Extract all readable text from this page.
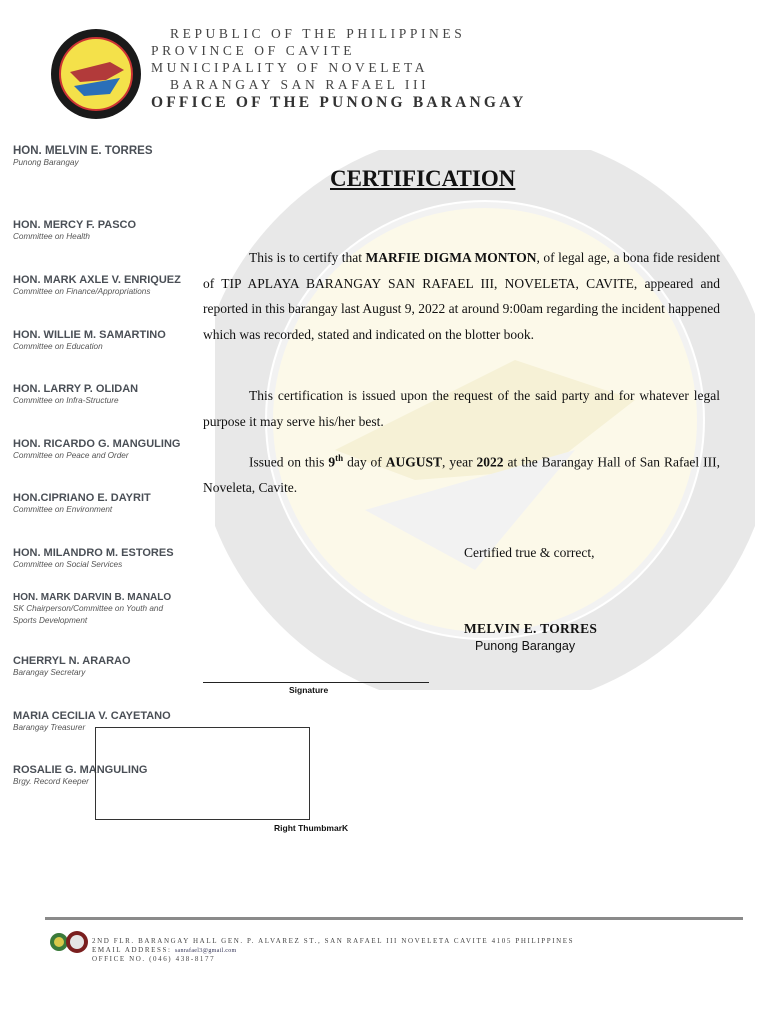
REPUBLIC OF THE PHILIPPINES
PROVINCE OF CAVITE
MUNICIPALITY OF NOVELETA
BARANGAY SAN RAFAEL III
OFFICE OF THE PUNONG BARANGAY
HON. MELVIN E. TORRES
Punong Barangay
HON. MERCY F. PASCO
Committee on Health
HON. MARK AXLE V. ENRIQUEZ
Committee on Finance/Appropriations
HON. WILLIE M. SAMARTINO
Committee on Education
HON. LARRY P. OLIDAN
Committee on Infra-Structure
HON. RICARDO G. MANGULING
Committee on Peace and Order
HON.CIPRIANO E. DAYRIT
Committee on Environment
HON. MILANDRO M. ESTORES
Committee on Social Services
HON. MARK DARVIN B. MANALO
SK Chairperson/Committee on Youth and Sports Development
CHERRYL N. ARARAO
Barangay Secretary
MARIA CECILIA V. CAYETANO
Barangay Treasurer
ROSALIE G. MANGULING
Brgy. Record Keeper
CERTIFICATION
This is to certify that MARFIE DIGMA MONTON, of legal age, a bona fide resident of TIP APLAYA BARANGAY SAN RAFAEL III, NOVELETA, CAVITE, appeared and reported in this barangay last August 9, 2022 at around 9:00am regarding the incident happened which was recorded, stated and indicated on the blotter book.
This certification is issued upon the request of the said party and for whatever legal purpose it may serve his/her best.
Issued on this 9th day of AUGUST, year 2022 at the Barangay Hall of San Rafael III, Noveleta, Cavite.
Certified true & correct,
MELVIN E. TORRES
Punong Barangay
Signature
Right ThumbmarK
2ND FLR. BARANGAY HALL GEN. P. ALVAREZ ST., SAN RAFAEL III NOVELETA CAVITE 4105 PHILIPPINES
EMAIL ADDRESS: sanrafael3@gmail.com
OFFICE NO. (046) 438-8177
